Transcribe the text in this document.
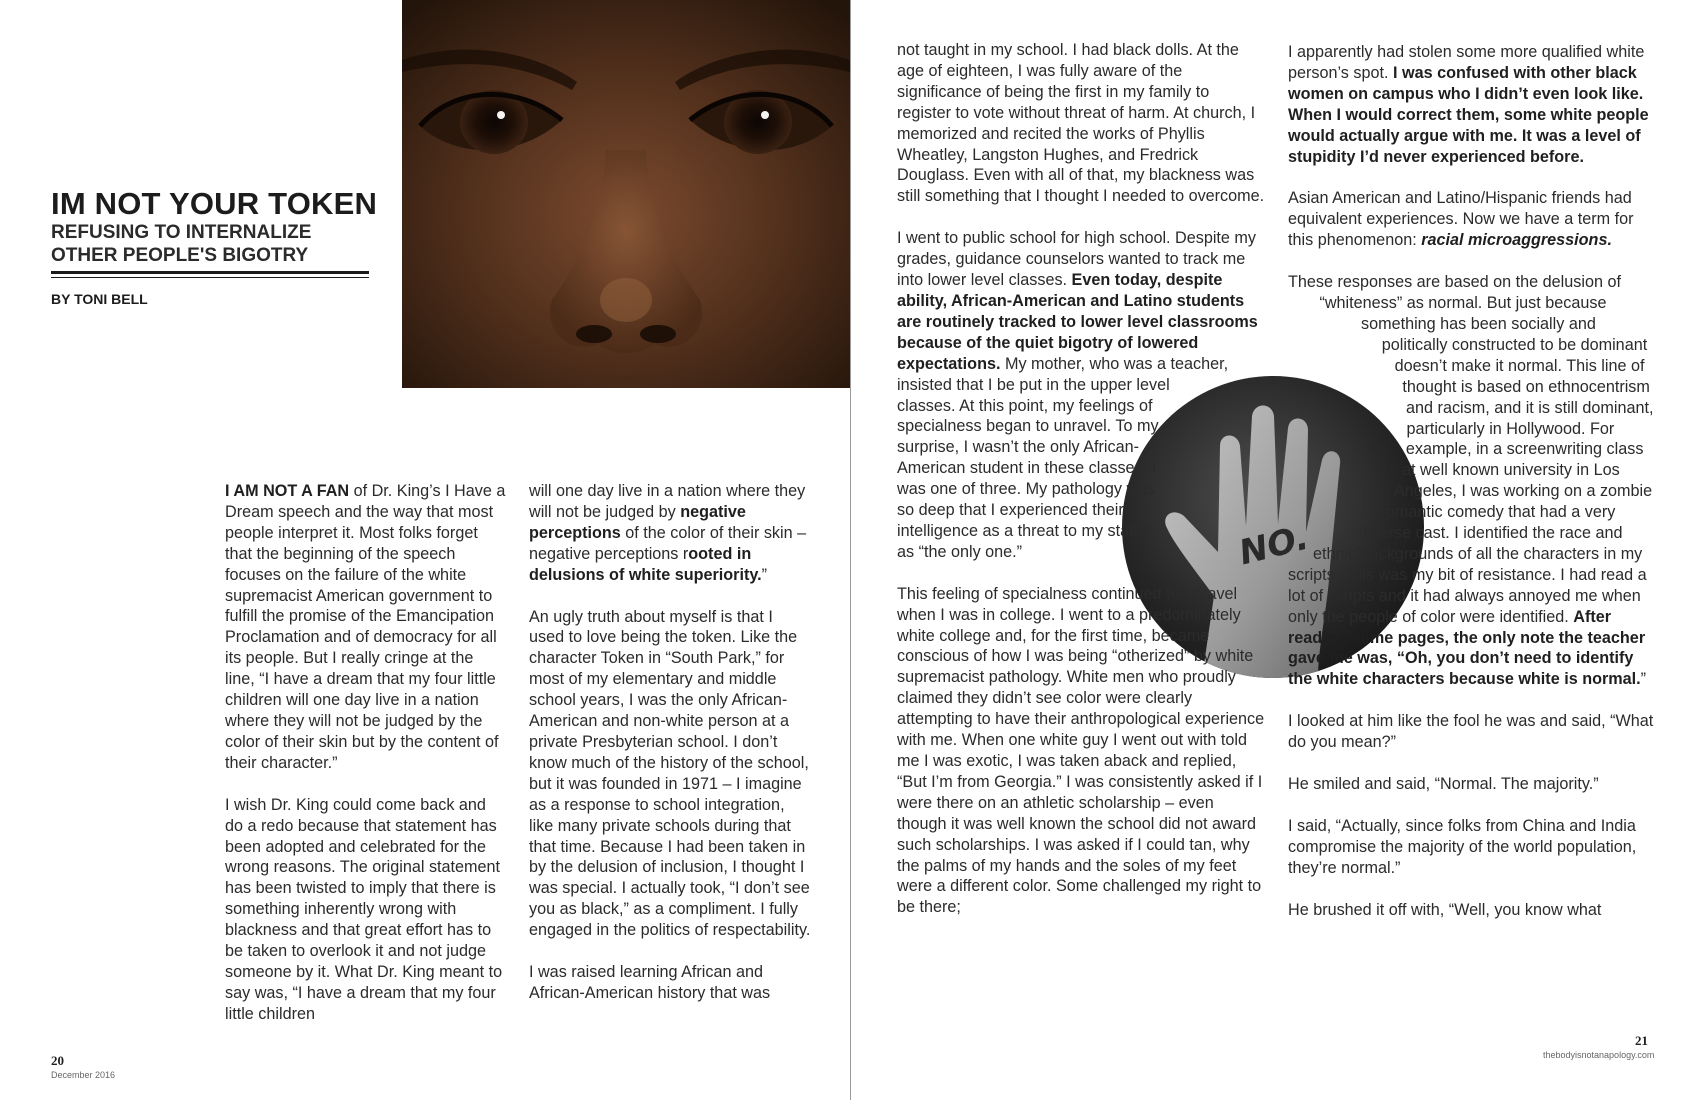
IM NOT YOUR TOKEN
REFUSING TO INTERNALIZE
OTHER PEOPLE'S BIGOTRY
BY TONI BELL
NO.

I AM NOT A FAN of Dr. King’s I Have a Dream speech and the way that most people interpret it. Most folks forget that the beginning of the speech focuses on the failure of the white supremacist American government to fulfill the promise of the Emancipation Proclamation and of democracy for all its people. But I really cringe at the line, “I have a dream that my four little children will one day live in a nation where they will not be judged by the color of their skin but by the content of their character.”

I wish Dr. King could come back and do a redo because that statement has been adopted and celebrated for the wrong reasons. The original statement has been twisted to imply that there is something inherently wrong with blackness and that great effort has to be taken to overlook it and not judge someone by it. What Dr. King meant to say was, “I have a dream that my four little children

will one day live in a nation where they will not be judged by negative perceptions of the color of their skin – negative perceptions rooted in delusions of white superiority.”

An ugly truth about myself is that I used to love being the token. Like the character Token in “South Park,” for most of my elementary and middle school years, I was the only African-American and non-white person at a private Presbyterian school. I don’t know much of the history of the school, but it was founded in 1971 – I imagine as a response to school integration, like many private schools during that that time. Because I had been taken in by the delusion of inclusion, I thought I was special. I actually took, “I don’t see you as black,” as a compliment. I fully engaged in the politics of respectability.

I was raised learning African and African-American history that was

not taught in my school. I had black dolls. At the age of eighteen, I was fully aware of the significance of being the first in my family to register to vote without threat of harm. At church, I memorized and recited the works of Phyllis Wheatley, Langston Hughes, and Fredrick Douglass. Even with all of that, my blackness was still something that I thought I needed to overcome.

I went to public school for high school. Despite my grades, guidance counselors wanted to track me into lower level classes. Even today, despite ability, African-American and Latino students are routinely tracked to lower level classrooms because of the quiet bigotry of lowered expectations.
My mother, who was a teacher, insisted that I be put in the upper level classes. At this point, my feelings of specialness began to unravel. To my surprise, I wasn’t the only African-American student in these classes. I was one of three. My pathology was so deep that I experienced their intelligence as a threat to my status as “the only one.”

This feeling of specialness continued to unravel when I was in college. I went to a predominately white college and, for the first time, became conscious of how I was being “otherized” by white supremacist pathology. White men who proudly claimed they didn’t see color were clearly attempting to have their anthropological experience with me. When one white guy I went out with told me I was exotic, I was taken aback and replied, “But I’m from Georgia.” I was consistently asked if I were there on an athletic scholarship – even though it was well known the school did not award such scholarships. I was asked if I could tan, why the palms of my hands and the soles of my feet were a different color. Some challenged my right to be there;

I apparently had stolen some more qualified white person’s spot. I was confused with other black women on campus who I didn’t even look like. When I would correct them, some white people would actually argue with me. It was a level of stupidity I’d never experienced before.

Asian American and Latino/Hispanic friends had equivalent experiences. Now we have a term for this phenomenon: racial microaggressions.

These responses are based on the delusion of “whiteness” as normal. But just because something has been socially and politically constructed to be dominant doesn’t make it normal. This line of thought is based on ethnocentrism and racism, and it is still dominant, particularly in Hollywood. For example, in a screenwriting class at well known university in Los Angeles, I was working on a zombie romantic comedy that had a very diverse cast. I identified the race and ethnic backgrounds of all the characters in my scripts. This was my bit of resistance. I had read a lot of scripts and it had always annoyed me when only the people of color were identified. After reading some pages, the only note the teacher gave me was, “Oh, you don’t need to identify the white characters because white is normal.”

I looked at him like the fool he was and said, “What do you mean?”

He smiled and said, “Normal. The majority.”

I said, “Actually, since folks from China and India compromise the majority of the world population, they’re normal.”

He brushed it off with, “Well, you know what

20
December 2016
21
thebodyisnotanapology.com
